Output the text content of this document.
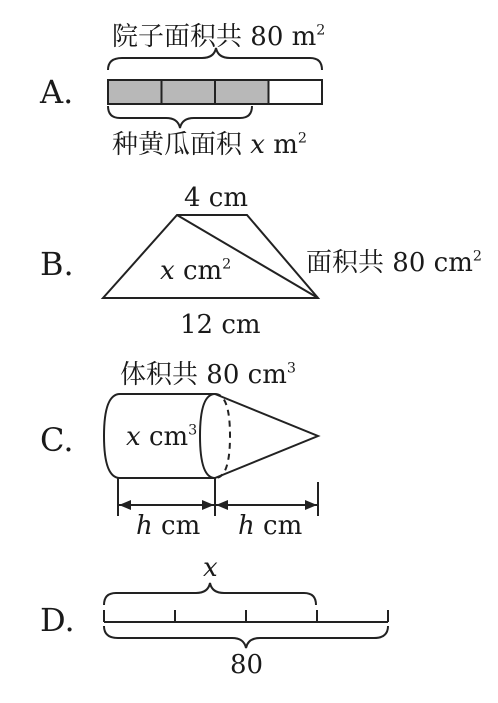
A.
院子面积共 80 $m^2$
种黄瓜面积 x $m^2$
B.
4 cm
12 cm
x $cm^2$	面积共 80 $cm^2$
C.
体积共 80 $cm^3$
x $cm^3$
h cm h cm
D.
x
80
